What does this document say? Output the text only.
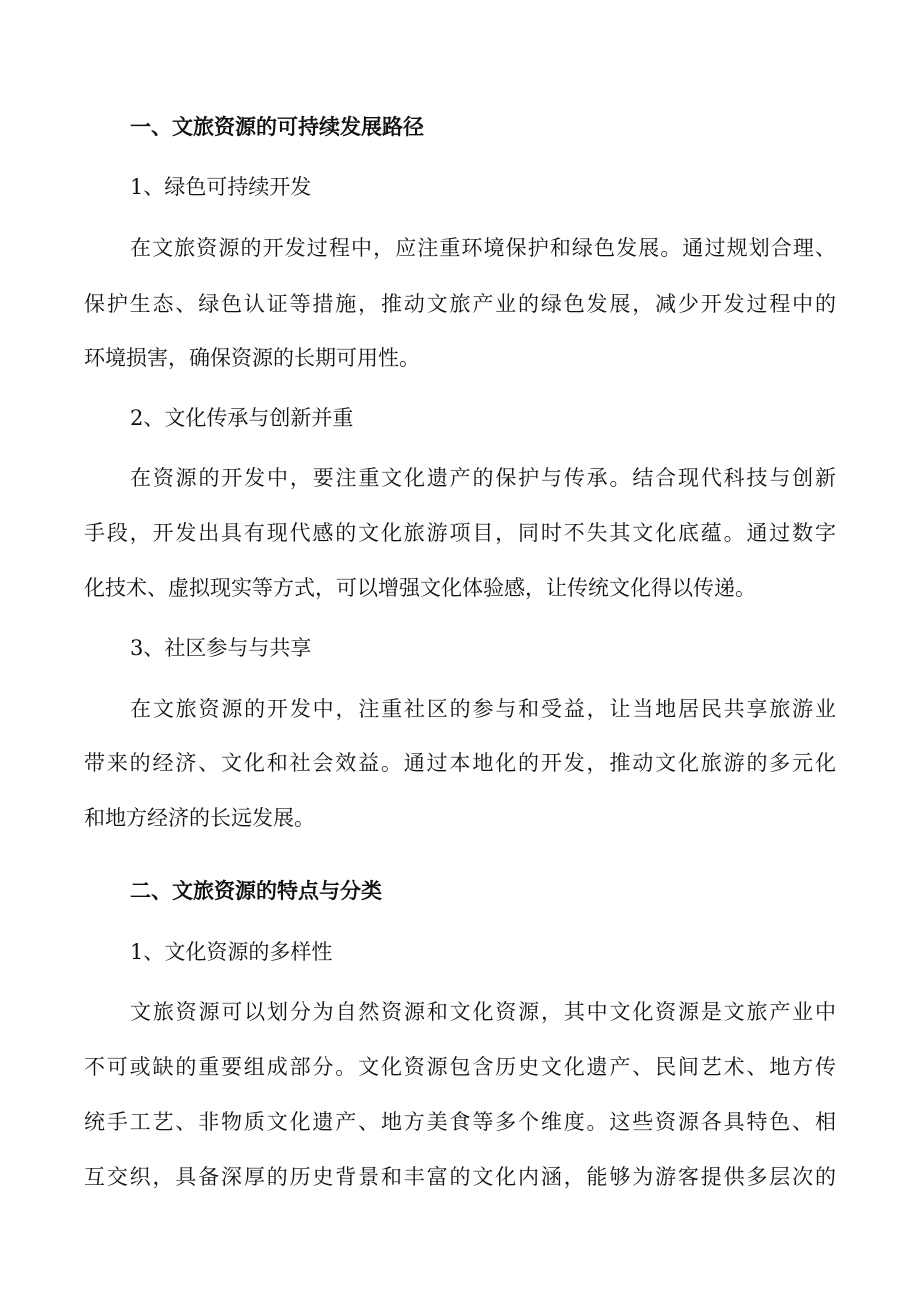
一、文旅资源的可持续发展路径
1、绿色可持续开发
在文旅资源的开发过程中，应注重环境保护和绿色发展。通过规划合理、
保护生态、绿色认证等措施，推动文旅产业的绿色发展，减少开发过程中的
环境损害，确保资源的长期可用性。
2、文化传承与创新并重
在资源的开发中，要注重文化遗产的保护与传承。结合现代科技与创新
手段，开发出具有现代感的文化旅游项目，同时不失其文化底蕴。通过数字
化技术、虚拟现实等方式，可以增强文化体验感，让传统文化得以传递。
3、社区参与与共享
在文旅资源的开发中，注重社区的参与和受益，让当地居民共享旅游业
带来的经济、文化和社会效益。通过本地化的开发，推动文化旅游的多元化
和地方经济的长远发展。
二、文旅资源的特点与分类
1、文化资源的多样性
文旅资源可以划分为自然资源和文化资源，其中文化资源是文旅产业中
不可或缺的重要组成部分。文化资源包含历史文化遗产、民间艺术、地方传
统手工艺、非物质文化遗产、地方美食等多个维度。这些资源各具特色、相
互交织，具备深厚的历史背景和丰富的文化内涵，能够为游客提供多层次的
